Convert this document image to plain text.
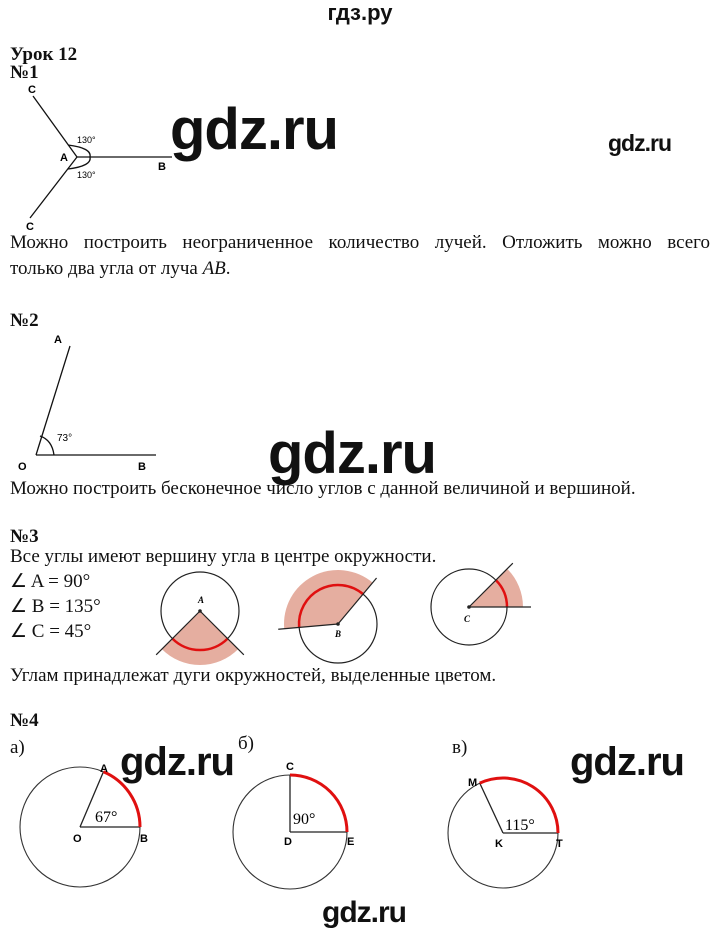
гдз.ру
Урок 12
№1
gdz.ru	gdz.ru
Можно построить неограниченное количество лучей. Отложить можно всего
только два угла от луча AB.
№2
gdz.ru
Можно построить бесконечное число углов с данной величиной и вершиной.
№3
Все углы имеют вершину угла в центре окружности.
∠ A = 90°
∠ B = 135°
∠ C = 45°
Углам принадлежат дуги окружностей, выделенные цветом.
№4
а)	б)	в)
gdz.ru	gdz.ru
gdz.ru
C
A
B
C
130°
130°
A
O	B
73°
A
B
C
A
O	B
67°
C
D	E
90°
M
K	T
115°
